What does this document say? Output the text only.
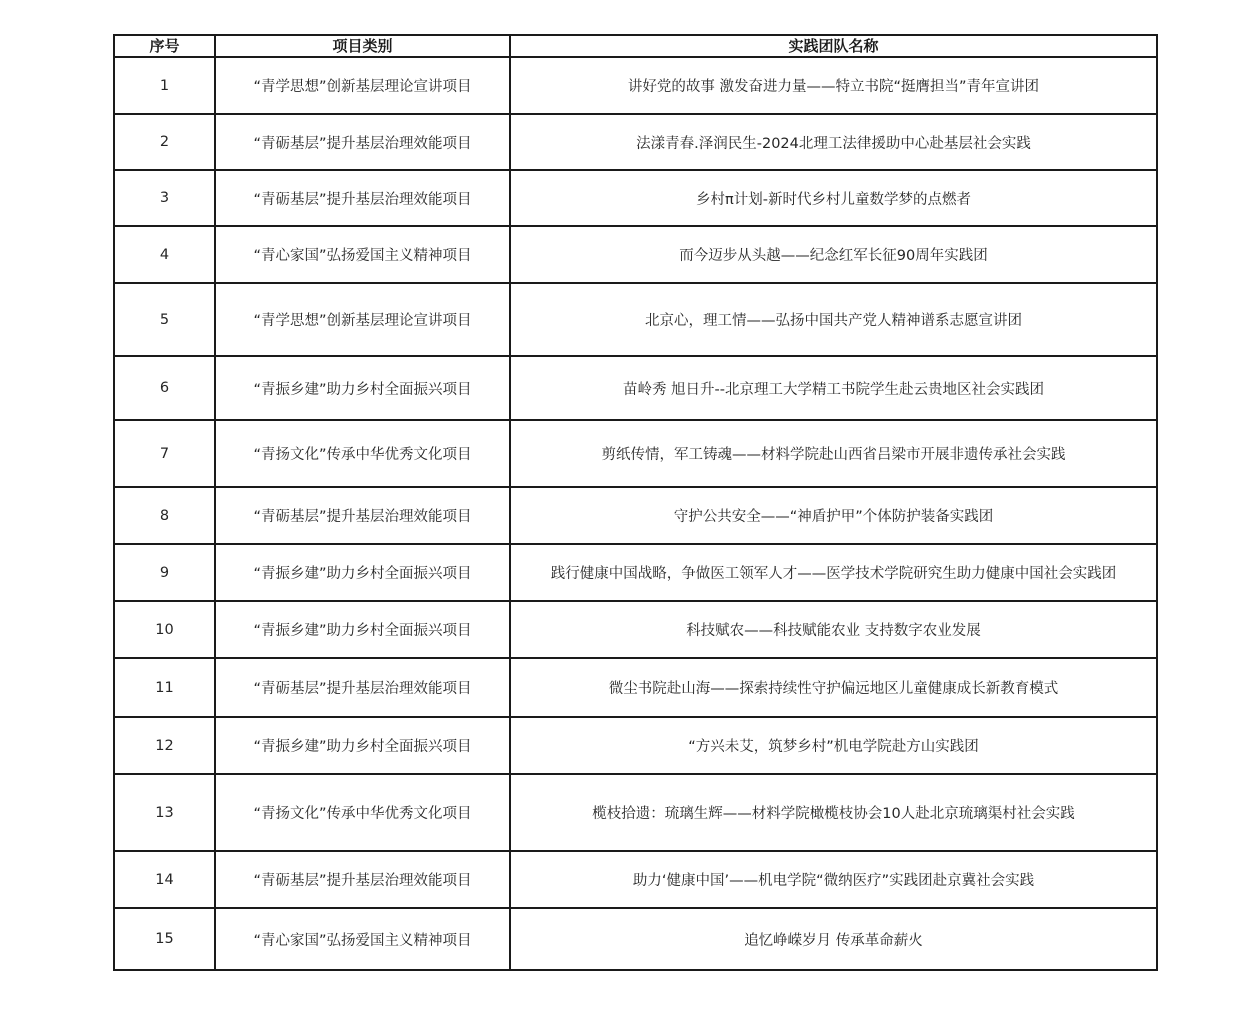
序号	项目类别	实践团队名称
1	“青学思想”创新基层理论宣讲项目	讲好党的故事 激发奋进力量——特立书院“挺膺担当”青年宣讲团
2	“青砺基层”提升基层治理效能项目	法漾青春.泽润民生-2024北理工法律援助中心赴基层社会实践
3	“青砺基层”提升基层治理效能项目	乡村π计划-新时代乡村儿童数学梦的点燃者
4	“青心家国”弘扬爱国主义精神项目	而今迈步从头越——纪念红军长征90周年实践团
5	“青学思想”创新基层理论宣讲项目	北京心，理工情——弘扬中国共产党人精神谱系志愿宣讲团
6	“青振乡建”助力乡村全面振兴项目	苗岭秀 旭日升--北京理工大学精工书院学生赴云贵地区社会实践团
7	“青扬文化”传承中华优秀文化项目	剪纸传情，军工铸魂——材料学院赴山西省吕梁市开展非遗传承社会实践
8	“青砺基层”提升基层治理效能项目	守护公共安全——“神盾护甲”个体防护装备实践团
9	“青振乡建”助力乡村全面振兴项目	践行健康中国战略，争做医工领军人才——医学技术学院研究生助力健康中国社会实践团
10	“青振乡建”助力乡村全面振兴项目	科技赋农——科技赋能农业 支持数字农业发展
11	“青砺基层”提升基层治理效能项目	微尘书院赴山海——探索持续性守护偏远地区儿童健康成长新教育模式
12	“青振乡建”助力乡村全面振兴项目	“方兴未艾，筑梦乡村”机电学院赴方山实践团
13	“青扬文化”传承中华优秀文化项目	榄枝拾遗：琉璃生辉——材料学院橄榄枝协会10人赴北京琉璃渠村社会实践
14	“青砺基层”提升基层治理效能项目	助力‘健康中国’——机电学院“微纳医疗”实践团赴京冀社会实践
15	“青心家国”弘扬爱国主义精神项目	追忆峥嵘岁月 传承革命薪火
